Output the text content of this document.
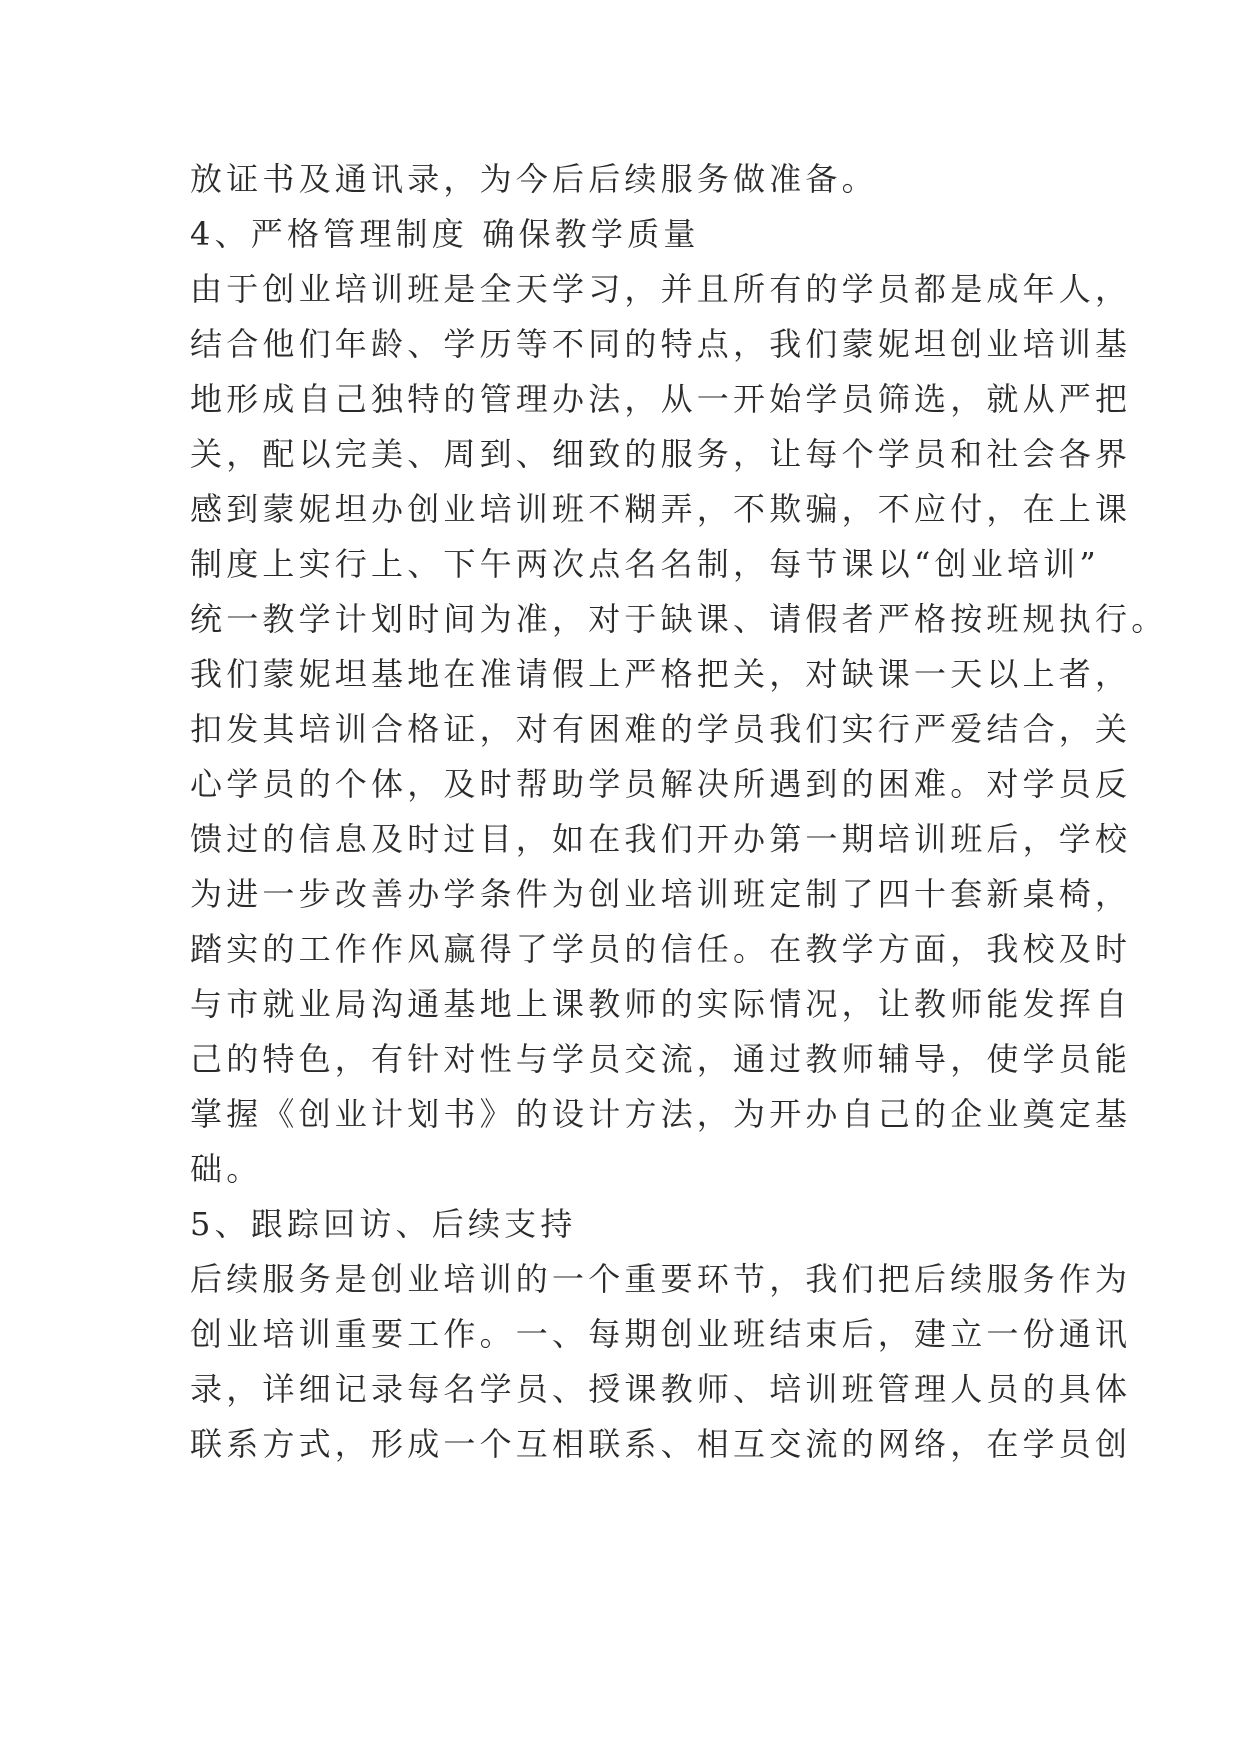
放证书及通讯录，为今后后续服务做准备。
4、严格管理制度 确保教学质量
由于创业培训班是全天学习，并且所有的学员都是成年人，
结合他们年龄、学历等不同的特点，我们蒙妮坦创业培训基
地形成自己独特的管理办法，从一开始学员筛选，就从严把
关，配以完美、周到、细致的服务，让每个学员和社会各界
感到蒙妮坦办创业培训班不糊弄，不欺骗，不应付，在上课
制度上实行上、下午两次点名名制，每节课以“创业培训”
统一教学计划时间为准，对于缺课、请假者严格按班规执行。
我们蒙妮坦基地在准请假上严格把关，对缺课一天以上者，
扣发其培训合格证，对有困难的学员我们实行严爱结合，关
心学员的个体，及时帮助学员解决所遇到的困难。对学员反
馈过的信息及时过目，如在我们开办第一期培训班后，学校
为进一步改善办学条件为创业培训班定制了四十套新桌椅，
踏实的工作作风赢得了学员的信任。在教学方面，我校及时
与市就业局沟通基地上课教师的实际情况，让教师能发挥自
己的特色，有针对性与学员交流，通过教师辅导，使学员能
掌握《创业计划书》的设计方法，为开办自己的企业奠定基
础。
5、跟踪回访、后续支持
后续服务是创业培训的一个重要环节，我们把后续服务作为
创业培训重要工作。一、每期创业班结束后，建立一份通讯
录，详细记录每名学员、授课教师、培训班管理人员的具体
联系方式，形成一个互相联系、相互交流的网络，在学员创
